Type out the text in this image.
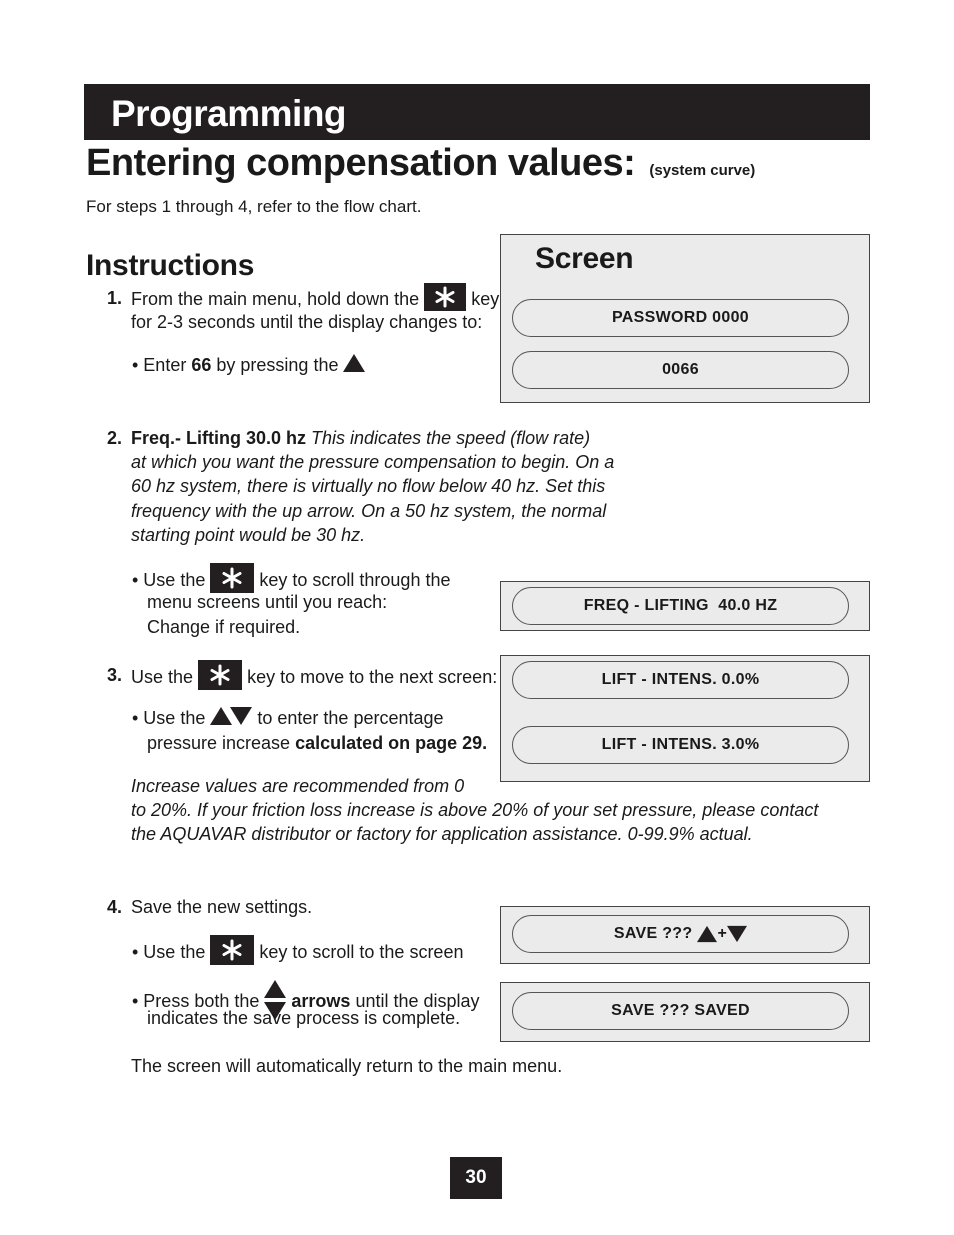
Programming
Entering compensation values: (system curve)
For steps 1 through 4, refer to the flow chart.
Instructions
1. From the main menu, hold down the	key
for 2-3 seconds until the display changes to:
• Enter 66 by pressing the
Screen
PASSWORD 0000
0066
2. Freq.- Lifting 30.0 hz This indicates the speed (flow rate)
at which you want the pressure compensation to begin. On a
60 hz system, there is virtually no flow below 40 hz. Set this
frequency with the up arrow. On a 50 hz system, the normal
starting point would be 30 hz.
• Use the	key to scroll through the
menu screens until you reach:
Change if required.
FREQ - LIFTING  40.0 HZ
3. Use the	key to move to the next screen:
• Use the	to enter the percentage
pressure increase calculated on page 29.
Increase values are recommended from 0
to 20%. If your friction loss increase is above 20% of your set pressure, please contact
the AQUAVAR distributor or factory for application assistance. 0-99.9% actual.
LIFT - INTENS. 0.0%
LIFT - INTENS. 3.0%
4. Save the new settings.
• Use the	key to scroll to the screen
• Press both the arrows until the display
indicates the save process is complete.
The screen will automatically return to the main menu.
SAVE ??? +
SAVE ??? SAVED
30
